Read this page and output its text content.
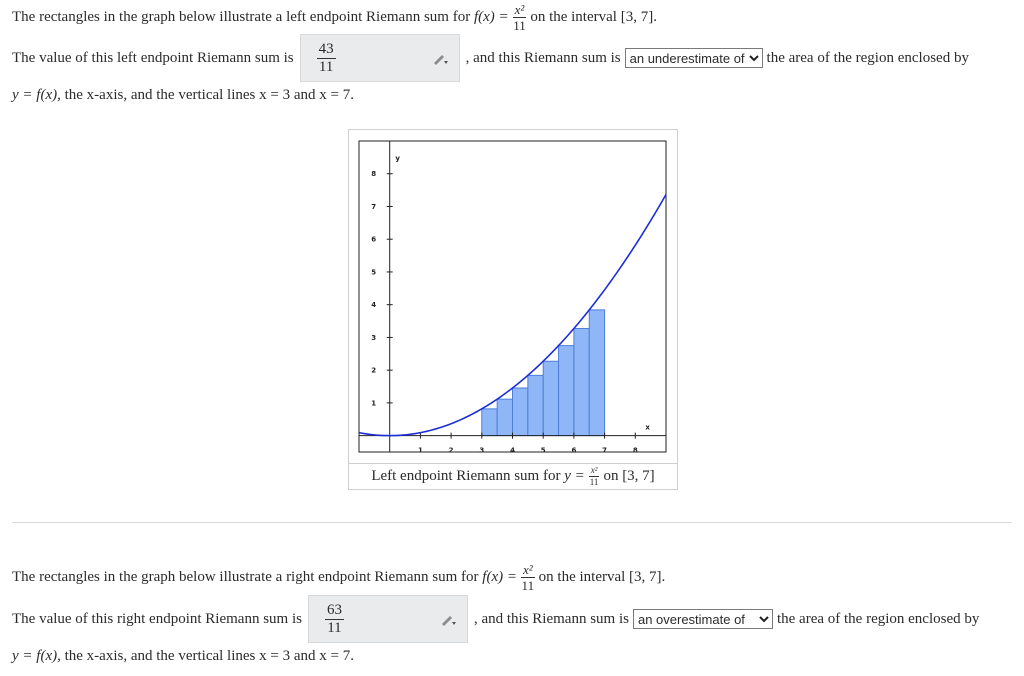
The rectangles in the graph below illustrate a left endpoint Riemann sum for
$f(x) = \frac{\text{x²}}{11}$ on the interval [3, 7].
The value of this left endpoint Riemann sum is $\frac{43}{11}$	, and this Riemann sum is an underestimate of the area of the region enclosed by
y = f(x),
the x-axis, and the vertical lines x = 3 and x = 7.
1	2	3	4	5	6	7	8
1
2
3
4
5
6
7
8
x
y
Left endpoint Riemann sum for
$y = \frac{\text{x²}}{11}$ on [3, 7]
The rectangles in the graph below illustrate a right endpoint Riemann sum for
$f(x) = \frac{\text{x²}}{11}$ on the interval [3, 7].
The value of this right endpoint Riemann sum is $\frac{63}{11}$	, and this Riemann sum is an overestimate of the area of the region enclosed by
y = f(x),
the x-axis, and the vertical lines x = 3 and x = 7.
